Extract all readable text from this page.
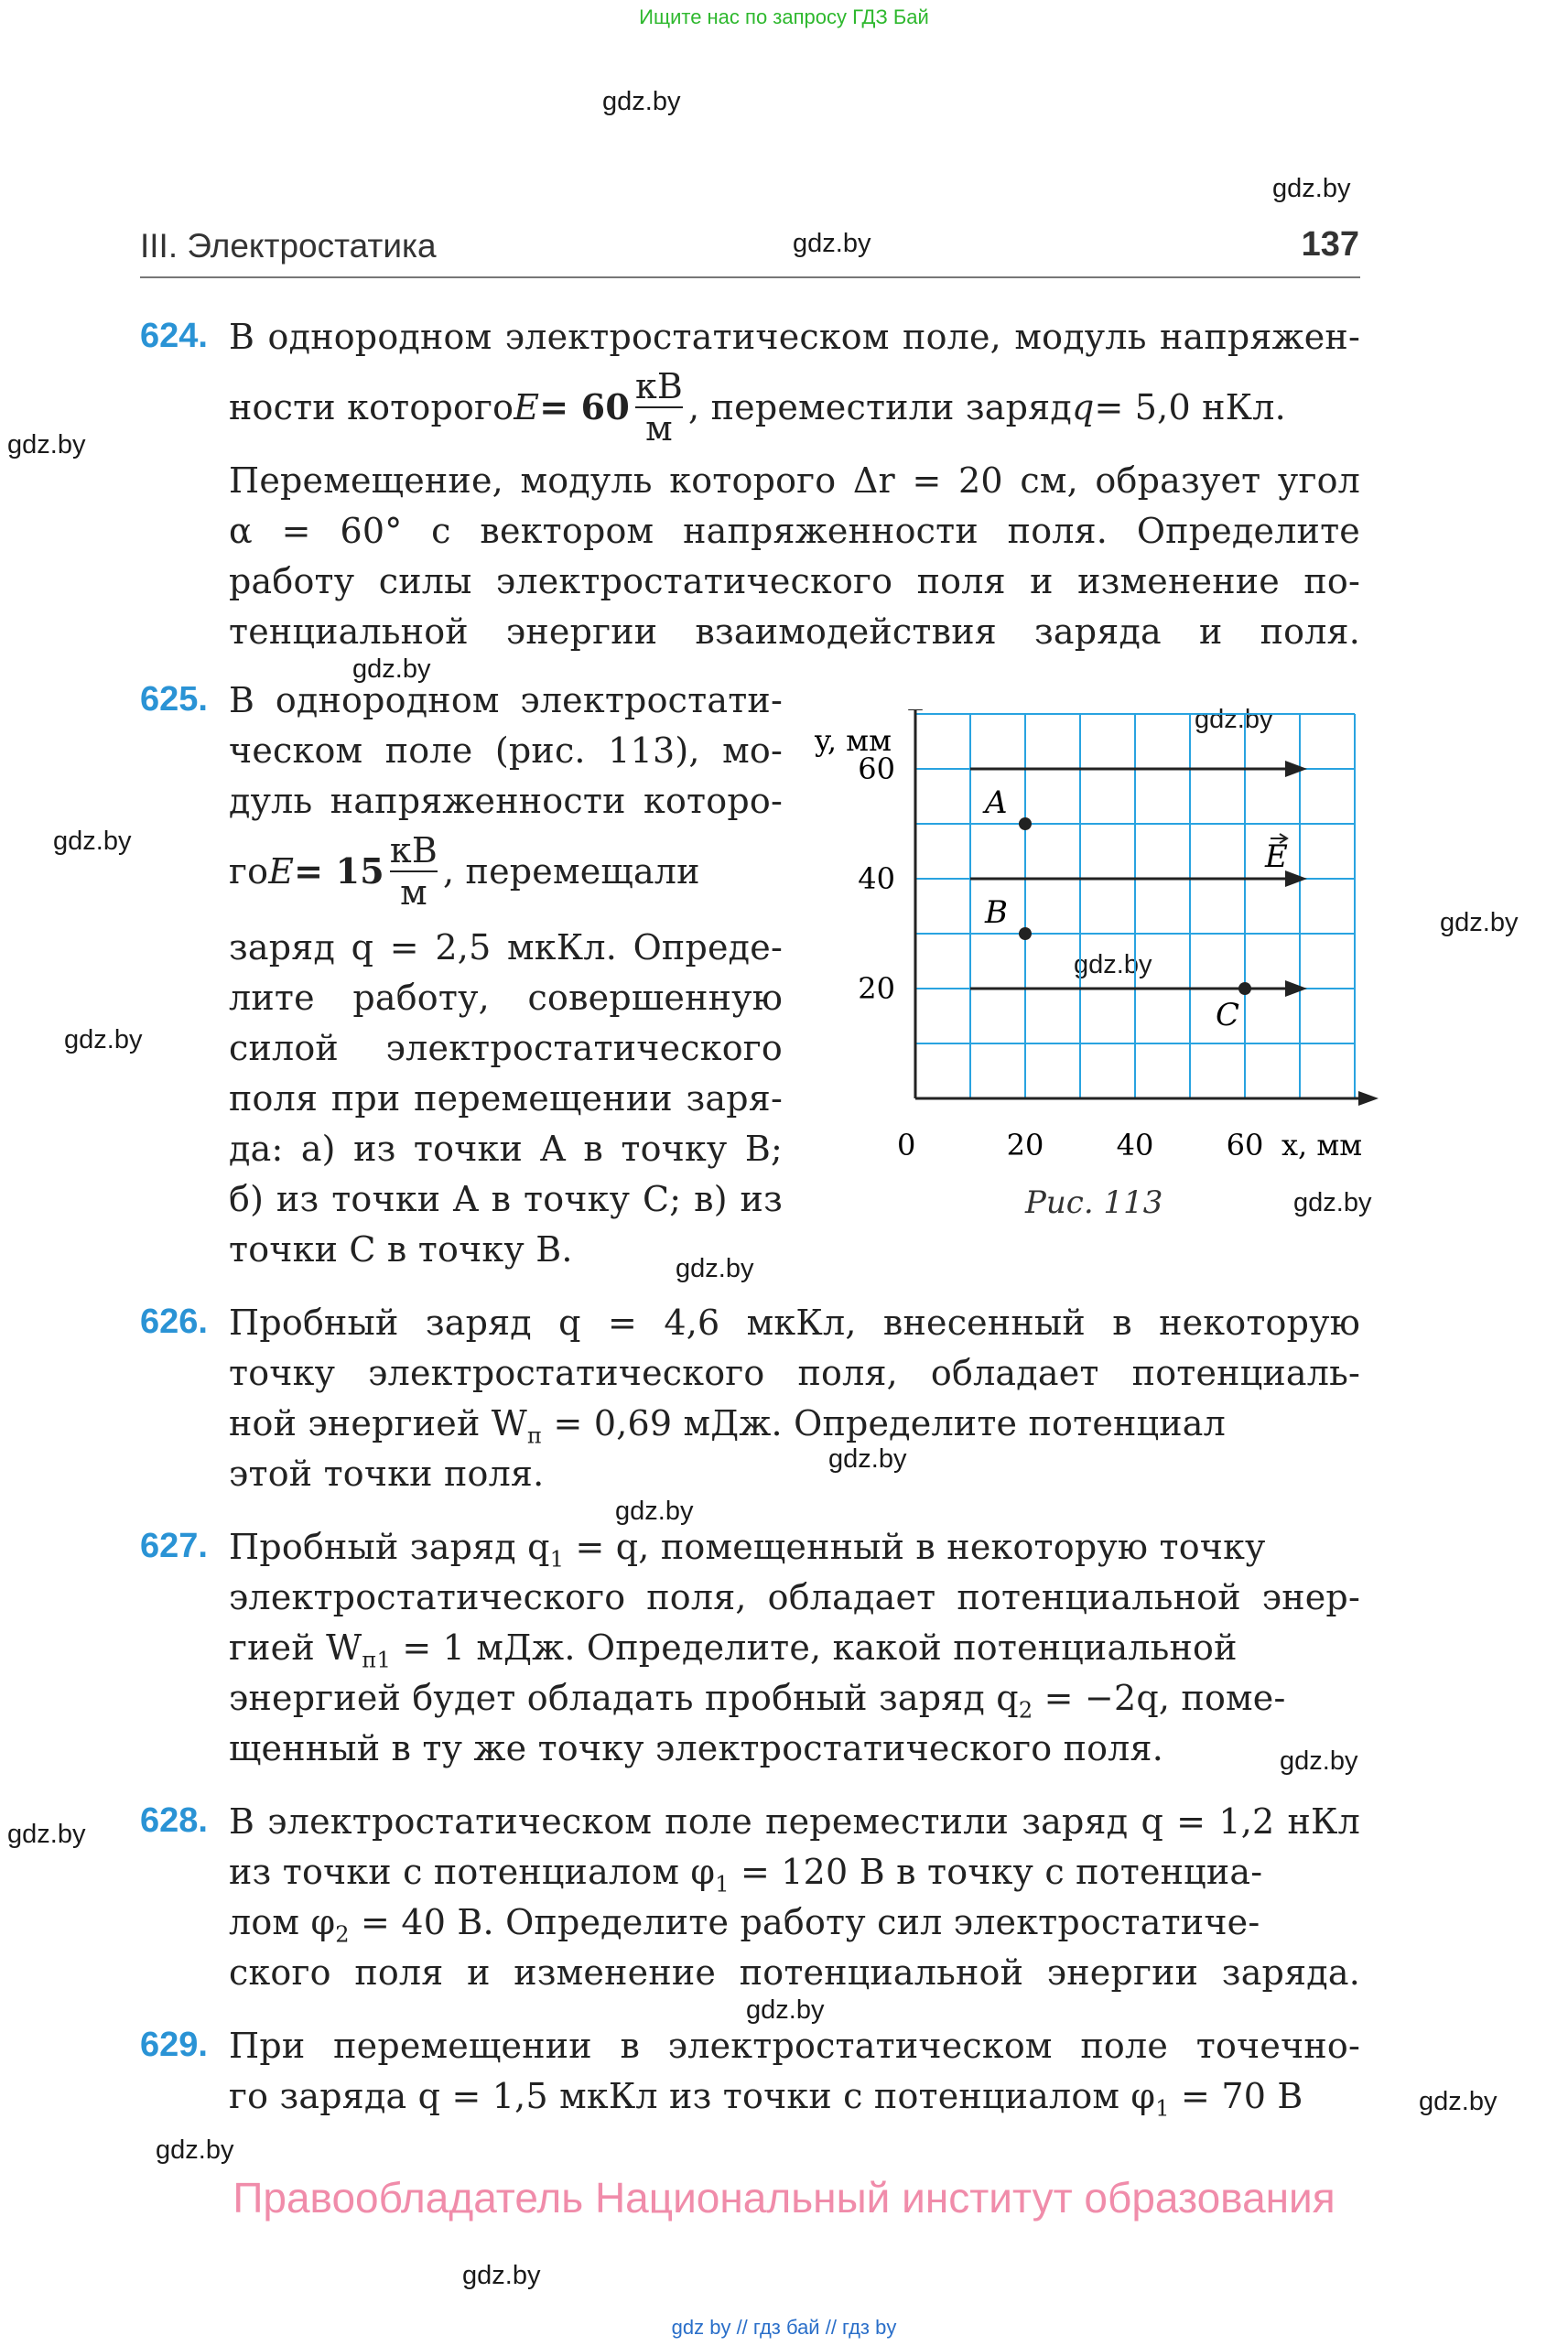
Ищите нас по запросу ГДЗ Бай
gdz.by
gdz.by
gdz.by
gdz.by
gdz.by
gdz.by
gdz.by
gdz.by
gdz.by
gdz.by
gdz.by
gdz.by
gdz.by
gdz.by
gdz.by
gdz.by
gdz.by
gdz.by
gdz.by
gdz.by
III. Электростатика	137
624. В однородном электростатическом поле, модуль напряжен-
ности которого $E = 60 \frac{кВ}{м}$ , переместили заряд q = 5,0 нКл.
Перемещение, модуль которого Δr = 20 см, образует угол
α = 60° с вектором напряженности поля. Определите
работу силы электростатического поля и изменение по-
тенциальной энергии взаимодействия заряда и поля.
625. В однородном электростати-
ческом поле (рис. 113), мо-
дуль напряженности которо-
го $E = 15 \frac{кВ}{м}$ , перемещали
заряд q = 2,5 мкКл. Опреде-
лите работу, совершенную
силой электростатического
поля при перемещении заря-
да: а) из точки A в точку B;
б) из точки A в точку C; в) из
точки C в точку B.
A
B
C
20 40 60
20
40
60
y, мм
x, мм
0
E
Рис. 113
626. Пробный заряд q = 4,6 мкКл, внесенный в некоторую
точку электростатического поля, обладает потенциаль-
ной энергией $W_п = 0,69$ мДж. Определите потенциал
этой точки поля.
627. Пробный заряд $q_1 = q$, помещенный в некоторую точку
электростатического поля, обладает потенциальной энер-
гией $W_{п1} = 1$ мДж. Определите, какой потенциальной
энергией будет обладать пробный заряд $q_2 = -2q$, поме-
щенный в ту же точку электростатического поля.
628. В электростатическом поле переместили заряд q = 1,2 нКл
из точки с потенциалом $\varphi_1 = 120$ В в точку с потенциа-
лом $\varphi_2 = 40$ В. Определите работу сил электростатиче-
ского поля и изменение потенциальной энергии заряда.
629. При перемещении в электростатическом поле точечно-
го заряда q = 1,5 мкКл из точки с потенциалом $\varphi_1 = 70$ В
Правообладатель Национальный институт образования
gdz by // гдз бай // гдз by
